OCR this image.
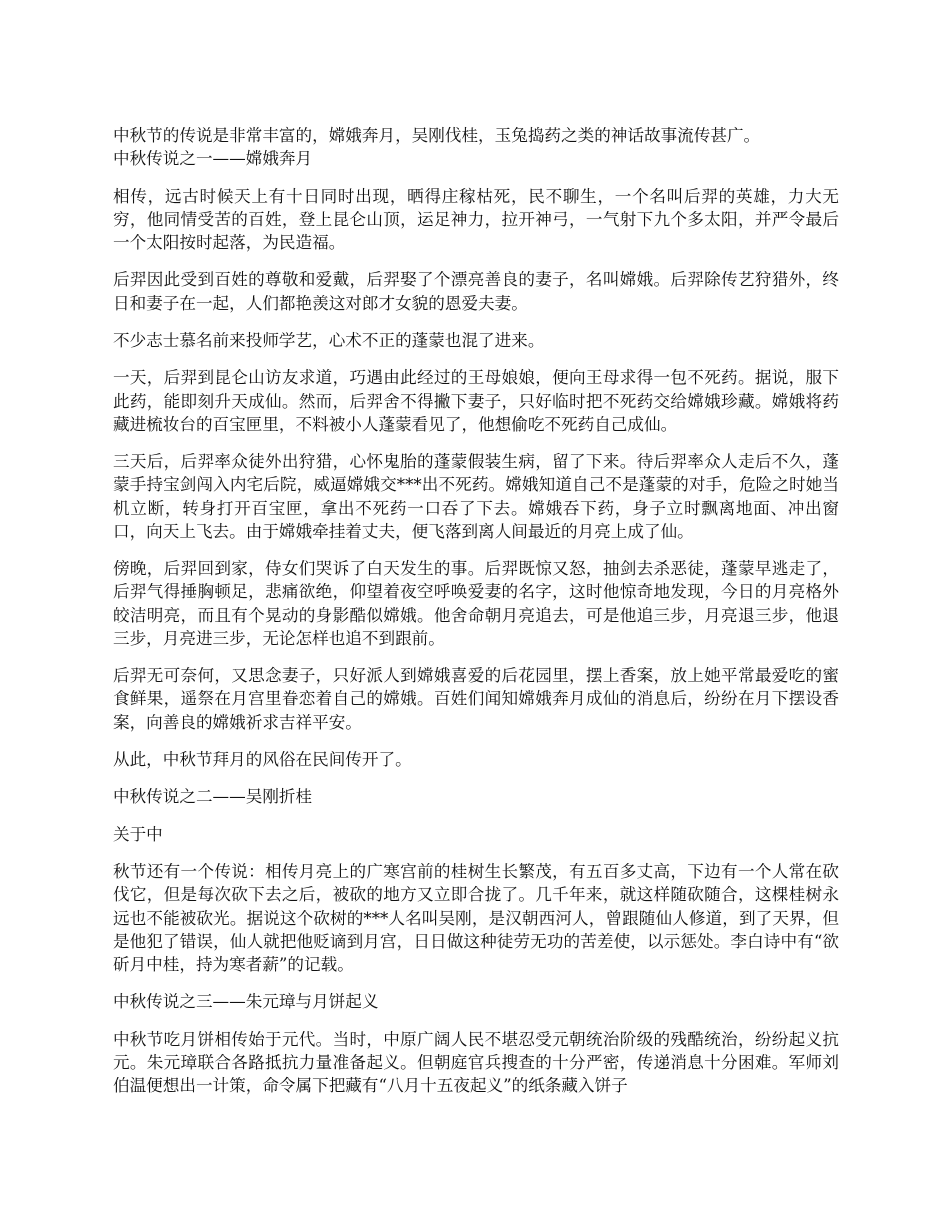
中秋节的传说是非常丰富的，嫦娥奔月，吴刚伐桂，玉兔捣药之类的神话故事流传甚广。
中秋传说之一——嫦娥奔月

相传，远古时候天上有十日同时出现，晒得庄稼枯死，民不聊生，一个名叫后羿的英雄，力大无穷，他同情受苦的百姓，登上昆仑山顶，运足神力，拉开神弓，一气射下九个多太阳，并严令最后一个太阳按时起落，为民造福。

后羿因此受到百姓的尊敬和爱戴，后羿娶了个漂亮善良的妻子，名叫嫦娥。后羿除传艺狩猎外，终日和妻子在一起，人们都艳羡这对郎才女貌的恩爱夫妻。

不少志士慕名前来投师学艺，心术不正的蓬蒙也混了进来。

一天，后羿到昆仑山访友求道，巧遇由此经过的王母娘娘，便向王母求得一包不死药。据说，服下此药，能即刻升天成仙。然而，后羿舍不得撇下妻子，只好临时把不死药交给嫦娥珍藏。嫦娥将药藏进梳妆台的百宝匣里，不料被小人蓬蒙看见了，他想偷吃不死药自己成仙。

三天后，后羿率众徒外出狩猎，心怀鬼胎的蓬蒙假装生病，留了下来。待后羿率众人走后不久，蓬蒙手持宝剑闯入内宅后院，威逼嫦娥交***出不死药。嫦娥知道自己不是蓬蒙的对手，危险之时她当机立断，转身打开百宝匣，拿出不死药一口吞了下去。嫦娥吞下药，身子立时飘离地面、冲出窗口，向天上飞去。由于嫦娥牵挂着丈夫，便飞落到离人间最近的月亮上成了仙。

傍晚，后羿回到家，侍女们哭诉了白天发生的事。后羿既惊又怒，抽剑去杀恶徒，蓬蒙早逃走了，后羿气得捶胸顿足，悲痛欲绝，仰望着夜空呼唤爱妻的名字，这时他惊奇地发现，今日的月亮格外皎洁明亮，而且有个晃动的身影酷似嫦娥。他舍命朝月亮追去，可是他追三步，月亮退三步，他退三步，月亮进三步，无论怎样也追不到跟前。

后羿无可奈何，又思念妻子，只好派人到嫦娥喜爱的后花园里，摆上香案，放上她平常最爱吃的蜜食鲜果，遥祭在月宫里眷恋着自己的嫦娥。百姓们闻知嫦娥奔月成仙的消息后，纷纷在月下摆设香案，向善良的嫦娥祈求吉祥平安。

从此，中秋节拜月的风俗在民间传开了。

中秋传说之二——吴刚折桂

关于中

秋节还有一个传说：相传月亮上的广寒宫前的桂树生长繁茂，有五百多丈高，下边有一个人常在砍伐它，但是每次砍下去之后，被砍的地方又立即合拢了。几千年来，就这样随砍随合，这棵桂树永远也不能被砍光。据说这个砍树的***人名叫吴刚，是汉朝西河人，曾跟随仙人修道，到了天界，但是他犯了错误，仙人就把他贬谪到月宫，日日做这种徒劳无功的苦差使，以示惩处。李白诗中有“欲斫月中桂，持为寒者薪”的记载。

中秋传说之三——朱元璋与月饼起义

中秋节吃月饼相传始于元代。当时，中原广阔人民不堪忍受元朝统治阶级的残酷统治，纷纷起义抗元。朱元璋联合各路抵抗力量准备起义。但朝庭官兵搜查的十分严密，传递消息十分困难。军师刘伯温便想出一计策，命令属下把藏有“八月十五夜起义”的纸条藏入饼子
